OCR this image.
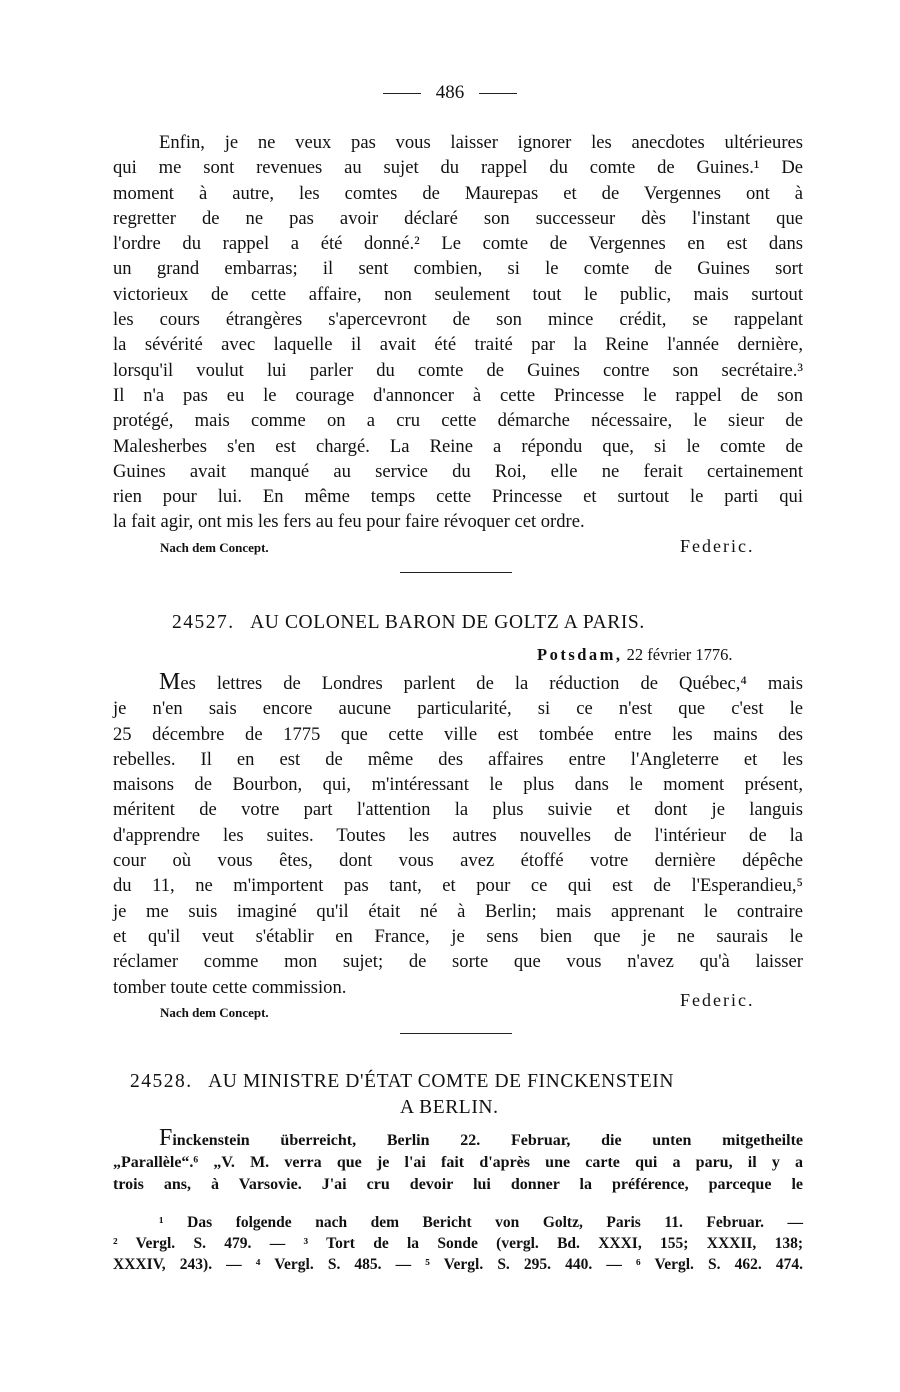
486
Enfin, je ne veux pas vous laisser ignorer les anecdotes ultérieures
qui me sont revenues au sujet du rappel du comte de Guines.¹ De
moment à autre, les comtes de Maurepas et de Vergennes ont à
regretter de ne pas avoir déclaré son successeur dès l'instant que
l'ordre du rappel a été donné.² Le comte de Vergennes en est dans
un grand embarras; il sent combien, si le comte de Guines sort
victorieux de cette affaire, non seulement tout le public, mais surtout
les cours étrangères s'apercevront de son mince crédit, se rappelant
la sévérité avec laquelle il avait été traité par la Reine l'année dernière,
lorsqu'il voulut lui parler du comte de Guines contre son secrétaire.³
Il n'a pas eu le courage d'annoncer à cette Princesse le rappel de son
protégé, mais comme on a cru cette démarche nécessaire, le sieur de
Malesherbes s'en est chargé. La Reine a répondu que, si le comte de
Guines avait manqué au service du Roi, elle ne ferait certainement
rien pour lui. En même temps cette Princesse et surtout le parti qui
la fait agir, ont mis les fers au feu pour faire révoquer cet ordre.
Nach dem Concept.	Federic.
24527. AU COLONEL BARON DE GOLTZ A PARIS.
Potsdam, 22 février 1776.
Mes lettres de Londres parlent de la réduction de Québec,⁴ mais
je n'en sais encore aucune particularité, si ce n'est que c'est le
25 décembre de 1775 que cette ville est tombée entre les mains des
rebelles. Il en est de même des affaires entre l'Angleterre et les
maisons de Bourbon, qui, m'intéressant le plus dans le moment présent,
méritent de votre part l'attention la plus suivie et dont je languis
d'apprendre les suites. Toutes les autres nouvelles de l'intérieur de la
cour où vous êtes, dont vous avez étoffé votre dernière dépêche
du 11, ne m'importent pas tant, et pour ce qui est de l'Esperandieu,⁵
je me suis imaginé qu'il était né à Berlin; mais apprenant le contraire
et qu'il veut s'établir en France, je sens bien que je ne saurais le
réclamer comme mon sujet; de sorte que vous n'avez qu'à laisser
tomber toute cette commission.
Federic.
Nach dem Concept.
24528. AU MINISTRE D'ÉTAT COMTE DE FINCKENSTEIN
A BERLIN.
Finckenstein überreicht, Berlin 22. Februar, die unten mitgetheilte
„Parallèle“.⁶ „V. M. verra que je l'ai fait d'après une carte qui a paru, il y a
trois ans, à Varsovie. J'ai cru devoir lui donner la préférence, parceque le
¹ Das folgende nach dem Bericht von Goltz, Paris 11. Februar. —
² Vergl. S. 479. — ³ Tort de la Sonde (vergl. Bd. XXXI, 155; XXXII, 138;
XXXIV, 243). — ⁴ Vergl. S. 485. — ⁵ Vergl. S. 295. 440. — ⁶ Vergl. S. 462. 474.
